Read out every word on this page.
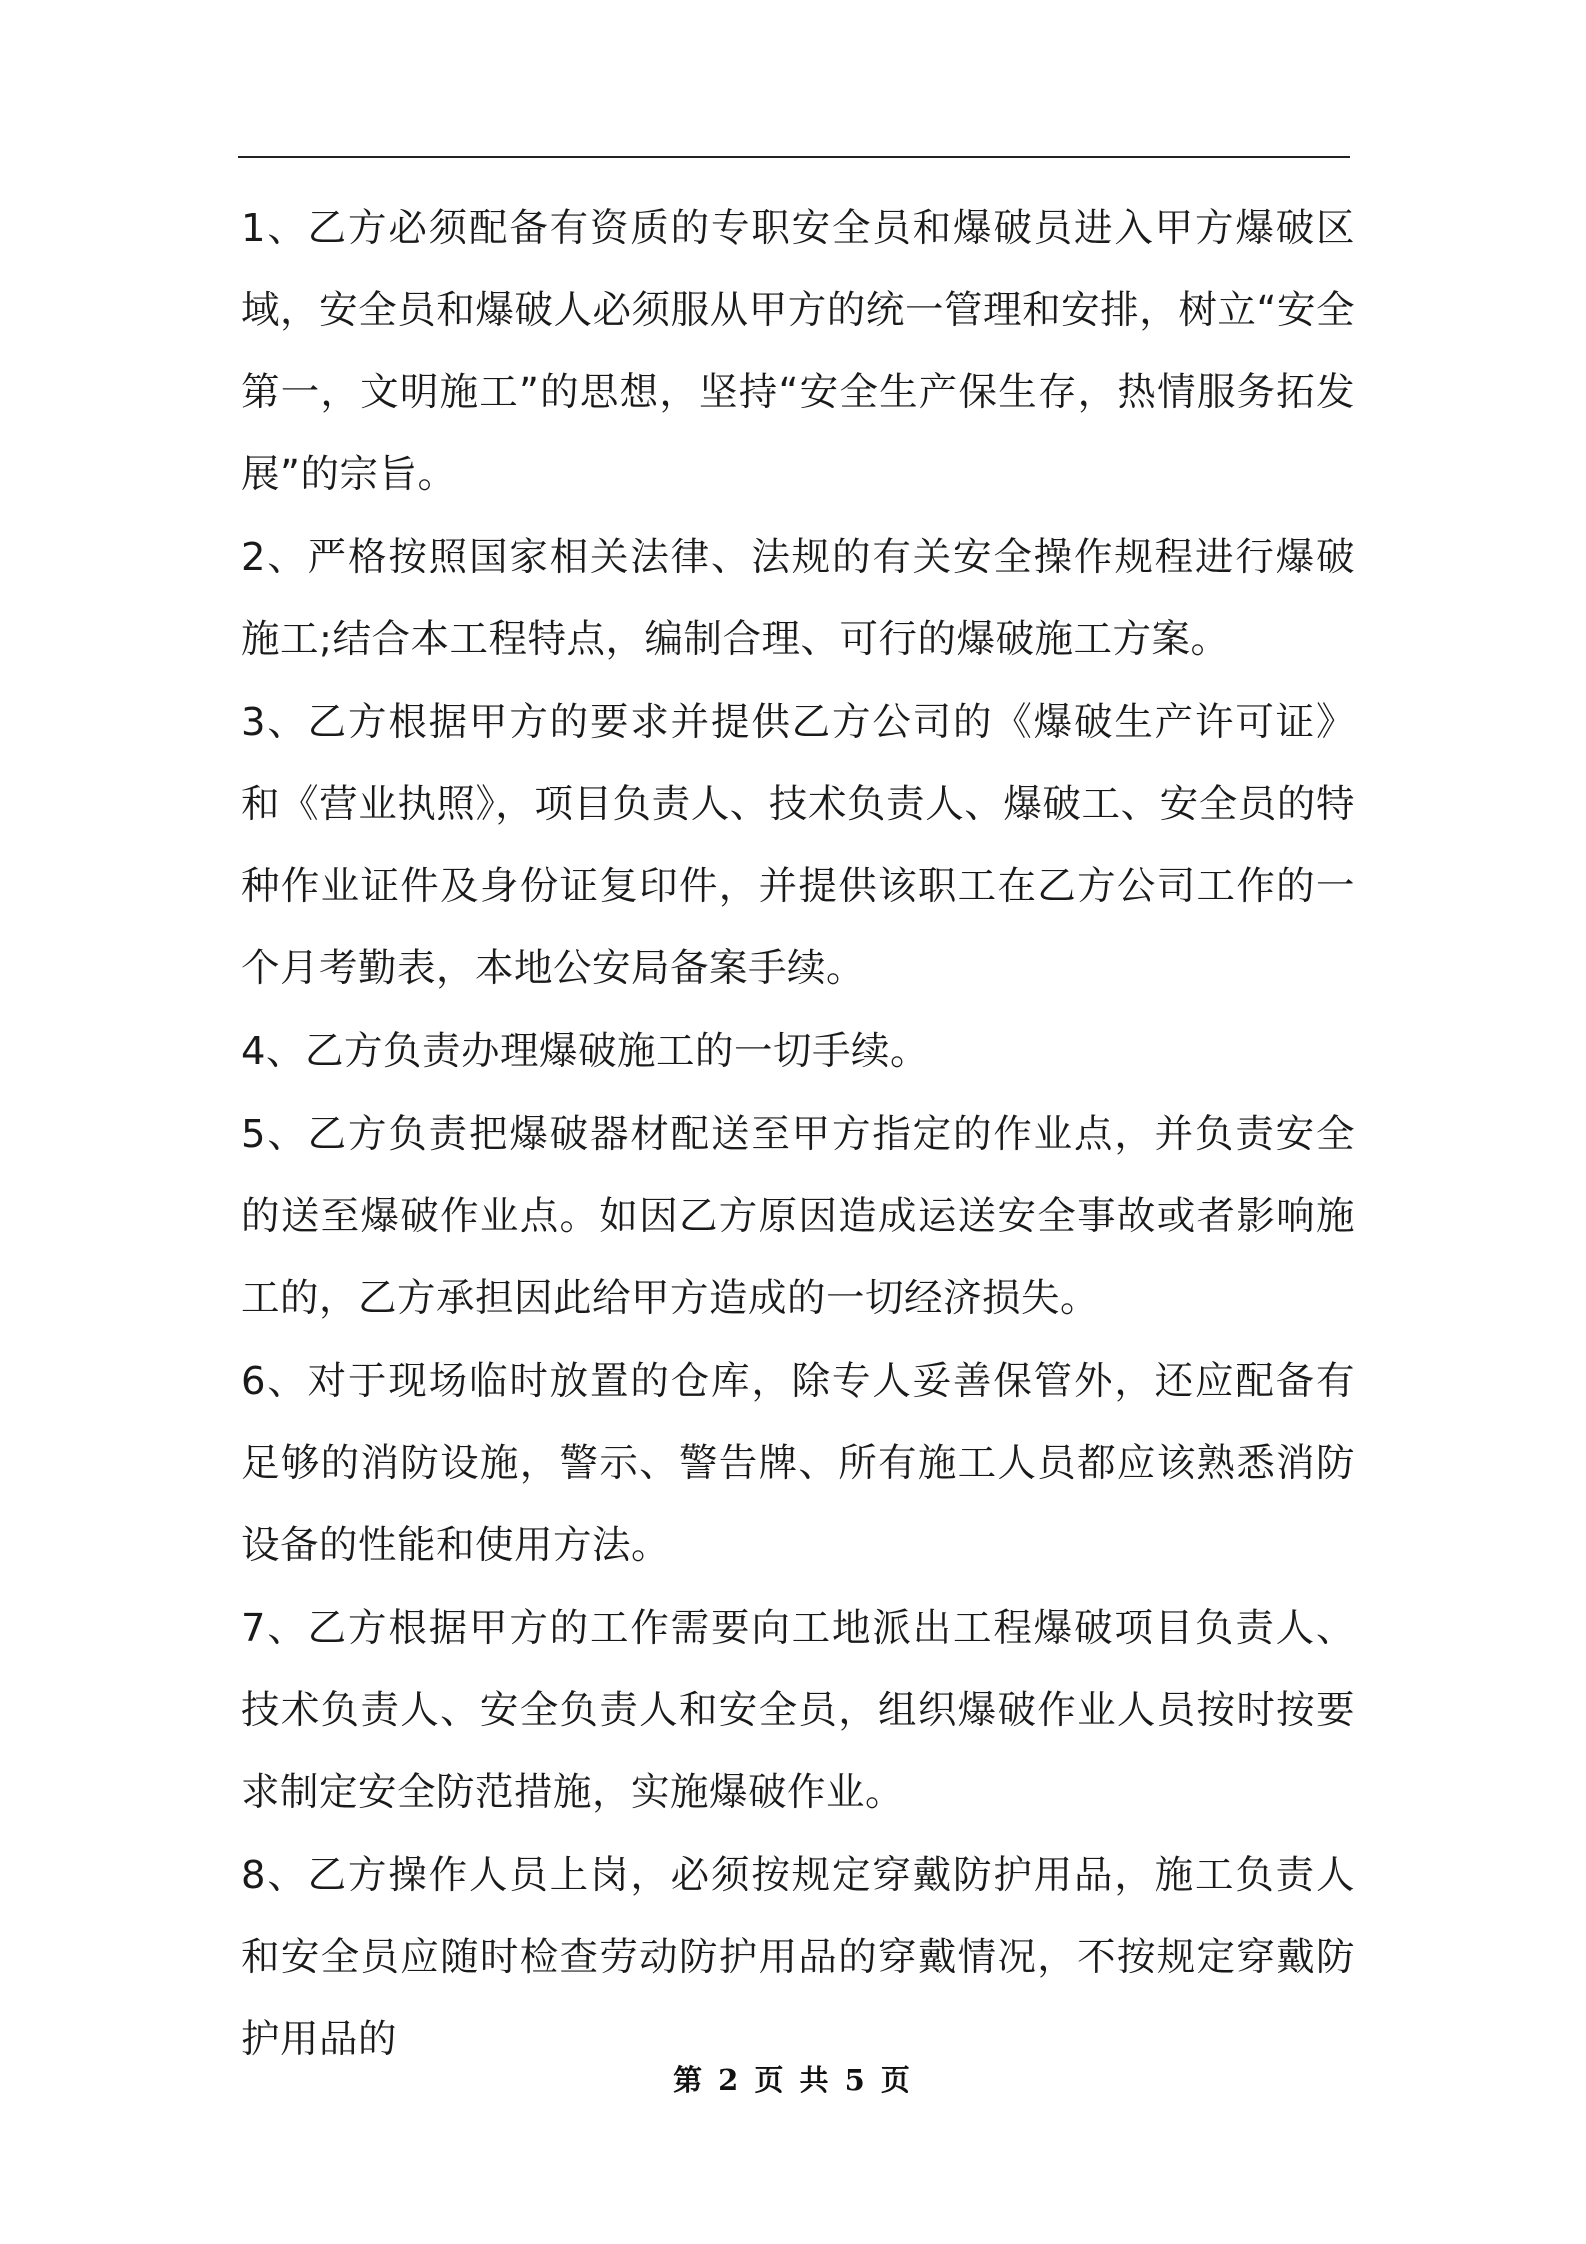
1、乙方必须配备有资质的专职安全员和爆破员进入甲方爆破区域，安全员和爆破人必须服从甲方的统一管理和安排，树立“安全第一，文明施工”的思想，坚持“安全生产保生存，热情服务拓发展”的宗旨。

2、严格按照国家相关法律、法规的有关安全操作规程进行爆破施工;结合本工程特点，编制合理、可行的爆破施工方案。

3、乙方根据甲方的要求并提供乙方公司的《爆破生产许可证》和《营业执照》，项目负责人、技术负责人、爆破工、安全员的特种作业证件及身份证复印件，并提供该职工在乙方公司工作的一个月考勤表，本地公安局备案手续。

4、乙方负责办理爆破施工的一切手续。

5、乙方负责把爆破器材配送至甲方指定的作业点，并负责安全的送至爆破作业点。如因乙方原因造成运送安全事故或者影响施工的，乙方承担因此给甲方造成的一切经济损失。

6、对于现场临时放置的仓库，除专人妥善保管外，还应配备有足够的消防设施，警示、警告牌、所有施工人员都应该熟悉消防设备的性能和使用方法。

7、乙方根据甲方的工作需要向工地派出工程爆破项目负责人、技术负责人、安全负责人和安全员，组织爆破作业人员按时按要求制定安全防范措施，实施爆破作业。

8、乙方操作人员上岗，必须按规定穿戴防护用品，施工负责人和安全员应随时检查劳动防护用品的穿戴情况，不按规定穿戴防护用品的

第 2 页 共 5 页
